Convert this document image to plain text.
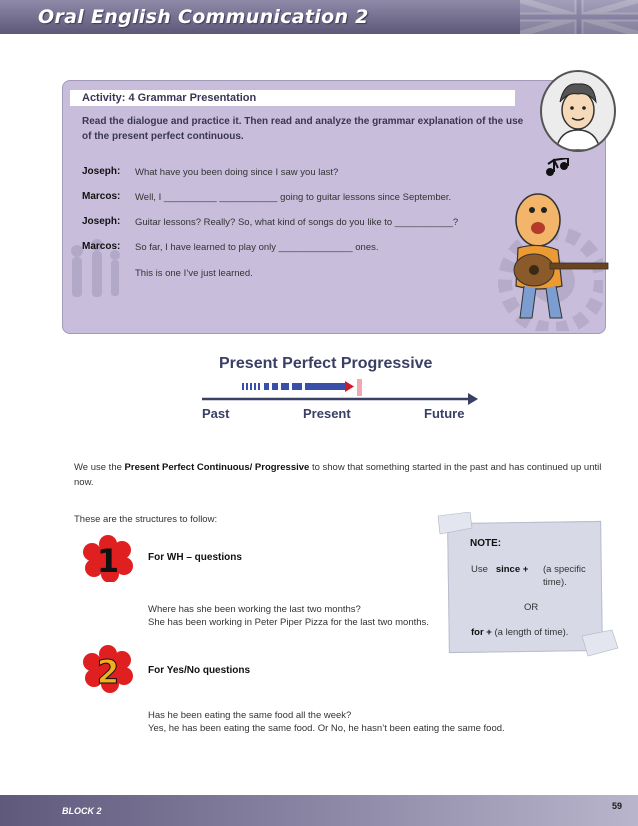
Oral English Communication 2
Activity: 4 Grammar Presentation
Read the dialogue and practice it. Then read and analyze the grammar explanation of the use of the present perfect continuous.
Joseph: What have you been doing since I saw you last?
Marcos: Well, I __________ ___________ going to guitar lessons since September.
Joseph: Guitar lessons? Really? So, what kind of songs do you like to ___________?
Marcos: So far, I have learned to play only ______________ ones.
This is one I’ve just learned.
Present Perfect Progressive
Past	Present	Future
We use the Present Perfect Continuous/ Progressive to show that something started in the past and has continued up until now.
These are the structures to follow:
NOTE:
Use since +	(a specific time).
OR
for + (a length of time).
1	For WH – questions
Where has she been working the last two months?
She has been working in Peter Piper Pizza for the last two months.
2	For Yes/No questions
Has he been eating the same food all the week?
Yes, he has been eating the same food. Or No, he hasn’t been eating the same food.
BLOCK 2	59
